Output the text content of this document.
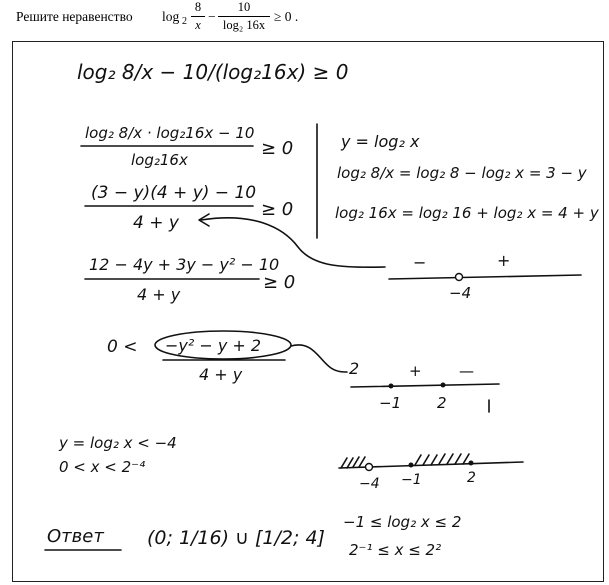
Решите неравенство log 2
8
x
−
10
log₂ 16x
≥ 0 .
log₂ 8/x − 10/(log₂16x) ≥ 0
log₂ 8/x · log₂16x − 10
log₂16x
≥ 0	y = log₂ x
log₂ 8/x = log₂ 8 − log₂ x = 3 − y
log₂ 16x = log₂ 16 + log₂ x = 4 + y
(3 − y)(4 + y) − 10
4 + y
≥ 0
−	+
−4
12 − 4y + 3y − y² − 10
4 + y
≥ 0
0 < −y² − y + 2
4 + y	2	+ —
−1 2
y = log₂ x < −4
0 < x < 2⁻⁴
−4 −1	2
Ответ (0; 1/16) ∪ [1/2; 4]
−1 ≤ log₂ x ≤ 2
2⁻¹ ≤ x ≤ 2²
